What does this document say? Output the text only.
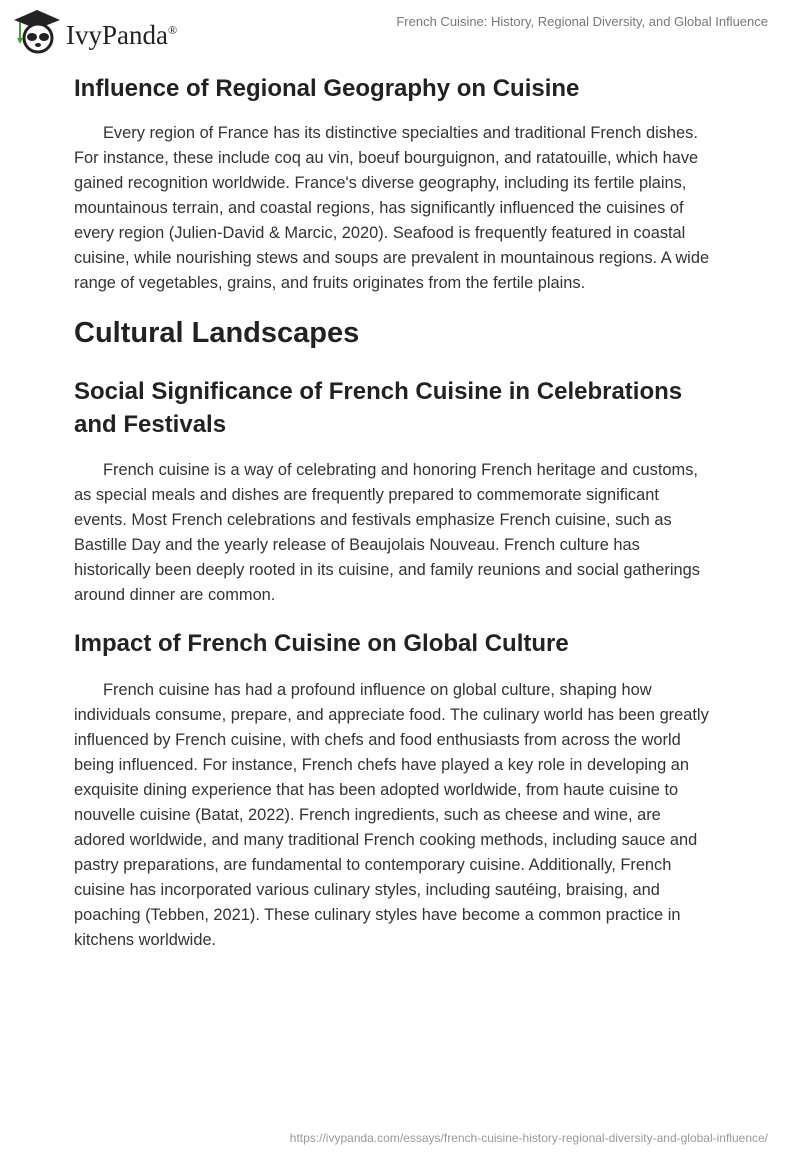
IvyPanda®
French Cuisine: History, Regional Diversity, and Global Influence
Influence of Regional Geography on Cuisine
Every region of France has its distinctive specialties and traditional French dishes.
For instance, these include coq au vin, boeuf bourguignon, and ratatouille, which have
gained recognition worldwide. France's diverse geography, including its fertile plains,
mountainous terrain, and coastal regions, has significantly influenced the cuisines of
every region (Julien-David & Marcic, 2020). Seafood is frequently featured in coastal
cuisine, while nourishing stews and soups are prevalent in mountainous regions. A wide
range of vegetables, grains, and fruits originates from the fertile plains.
Cultural Landscapes
Social Significance of French Cuisine in Celebrations
and Festivals
French cuisine is a way of celebrating and honoring French heritage and customs,
as special meals and dishes are frequently prepared to commemorate significant
events. Most French celebrations and festivals emphasize French cuisine, such as
Bastille Day and the yearly release of Beaujolais Nouveau. French culture has
historically been deeply rooted in its cuisine, and family reunions and social gatherings
around dinner are common.
Impact of French Cuisine on Global Culture
French cuisine has had a profound influence on global culture, shaping how
individuals consume, prepare, and appreciate food. The culinary world has been greatly
influenced by French cuisine, with chefs and food enthusiasts from across the world
being influenced. For instance, French chefs have played a key role in developing an
exquisite dining experience that has been adopted worldwide, from haute cuisine to
nouvelle cuisine (Batat, 2022). French ingredients, such as cheese and wine, are
adored worldwide, and many traditional French cooking methods, including sauce and
pastry preparations, are fundamental to contemporary cuisine. Additionally, French
cuisine has incorporated various culinary styles, including sautéing, braising, and
poaching (Tebben, 2021). These culinary styles have become a common practice in
kitchens worldwide.
https://ivypanda.com/essays/french-cuisine-history-regional-diversity-and-global-influence/
